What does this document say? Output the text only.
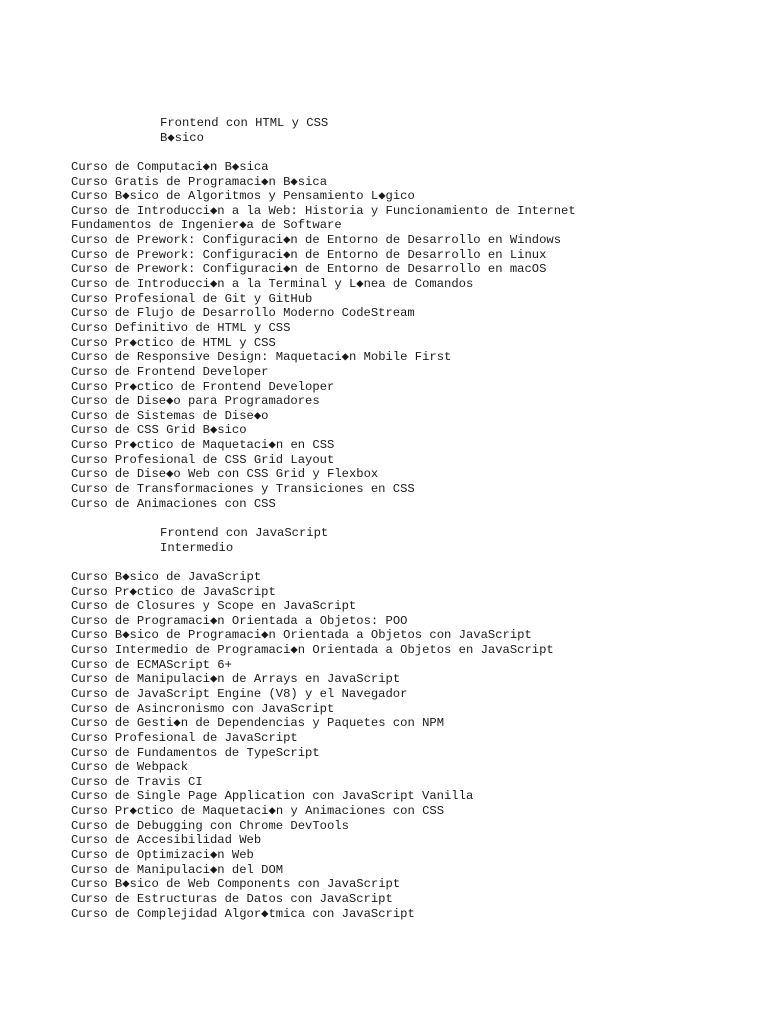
Frontend con HTML y CSS
B◆sico
Curso de Computaci◆n B◆sica
Curso Gratis de Programaci◆n B◆sica
Curso B◆sico de Algoritmos y Pensamiento L◆gico
Curso de Introducci◆n a la Web: Historia y Funcionamiento de Internet
Fundamentos de Ingenier◆a de Software
Curso de Prework: Configuraci◆n de Entorno de Desarrollo en Windows
Curso de Prework: Configuraci◆n de Entorno de Desarrollo en Linux
Curso de Prework: Configuraci◆n de Entorno de Desarrollo en macOS
Curso de Introducci◆n a la Terminal y L◆nea de Comandos
Curso Profesional de Git y GitHub
Curso de Flujo de Desarrollo Moderno CodeStream
Curso Definitivo de HTML y CSS
Curso Pr◆ctico de HTML y CSS
Curso de Responsive Design: Maquetaci◆n Mobile First
Curso de Frontend Developer
Curso Pr◆ctico de Frontend Developer
Curso de Dise◆o para Programadores
Curso de Sistemas de Dise◆o
Curso de CSS Grid B◆sico
Curso Pr◆ctico de Maquetaci◆n en CSS
Curso Profesional de CSS Grid Layout
Curso de Dise◆o Web con CSS Grid y Flexbox
Curso de Transformaciones y Transiciones en CSS
Curso de Animaciones con CSS
Frontend con JavaScript
Intermedio
Curso B◆sico de JavaScript
Curso Pr◆ctico de JavaScript
Curso de Closures y Scope en JavaScript
Curso de Programaci◆n Orientada a Objetos: POO
Curso B◆sico de Programaci◆n Orientada a Objetos con JavaScript
Curso Intermedio de Programaci◆n Orientada a Objetos en JavaScript
Curso de ECMAScript 6+
Curso de Manipulaci◆n de Arrays en JavaScript
Curso de JavaScript Engine (V8) y el Navegador
Curso de Asincronismo con JavaScript
Curso de Gesti◆n de Dependencias y Paquetes con NPM
Curso Profesional de JavaScript
Curso de Fundamentos de TypeScript
Curso de Webpack
Curso de Travis CI
Curso de Single Page Application con JavaScript Vanilla
Curso Pr◆ctico de Maquetaci◆n y Animaciones con CSS
Curso de Debugging con Chrome DevTools
Curso de Accesibilidad Web
Curso de Optimizaci◆n Web
Curso de Manipulaci◆n del DOM
Curso B◆sico de Web Components con JavaScript
Curso de Estructuras de Datos con JavaScript
Curso de Complejidad Algor◆tmica con JavaScript
